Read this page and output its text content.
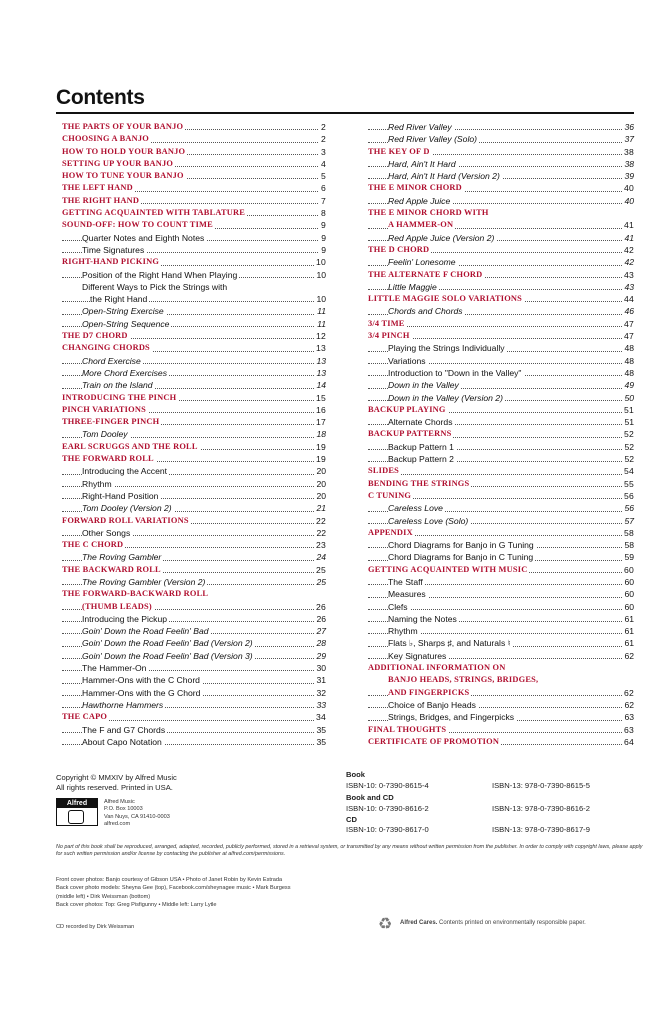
Contents
THE PARTS OF YOUR BANJO	2
CHOOSING A BANJO	2
HOW TO HOLD YOUR BANJO	3
SETTING UP YOUR BANJO	4
HOW TO TUNE YOUR BANJO	5
THE LEFT HAND	6
THE RIGHT HAND	7
GETTING ACQUAINTED WITH TABLATURE	8
SOUND-OFF: HOW TO COUNT TIME	9
Quarter Notes and Eighth Notes	9
Time Signatures	9
RIGHT-HAND PICKING	10
Position of the Right Hand When Playing	10
Different Ways to Pick the Strings with
the Right Hand	10
Open-String Exercise	11
Open-String Sequence	11
THE D7 CHORD	12
CHANGING CHORDS	13
Chord Exercise	13
More Chord Exercises	13
Train on the Island	14
INTRODUCING THE PINCH	15
PINCH VARIATIONS	16
THREE-FINGER PINCH	17
Tom Dooley	18
EARL SCRUGGS AND THE ROLL	19
THE FORWARD ROLL	19
Introducing the Accent	20
Rhythm	20
Right-Hand Position	20
Tom Dooley (Version 2)	21
FORWARD ROLL VARIATIONS	22
Other Songs	22
THE C CHORD	23
The Roving Gambler	24
THE BACKWARD ROLL	25
The Roving Gambler (Version 2)	25
THE FORWARD-BACKWARD ROLL
(THUMB LEADS)	26
Introducing the Pickup	26
Goin' Down the Road Feelin' Bad	27
Goin' Down the Road Feelin' Bad (Version 2)	28
Goin' Down the Road Feelin' Bad (Version 3)	29
The Hammer-On	30
Hammer-Ons with the C Chord	31
Hammer-Ons with the G Chord	32
Hawthorne Hammers	33
THE CAPO	34
The F and G7 Chords	35
About Capo Notation	35
Red River Valley	36
Red River Valley (Solo)	37
THE KEY OF D	38
Hard, Ain't It Hard	38
Hard, Ain't It Hard (Version 2)	39
THE E MINOR CHORD	40
Red Apple Juice	40
THE E MINOR CHORD WITH
A HAMMER-ON	41
Red Apple Juice (Version 2)	41
THE D CHORD	42
Feelin' Lonesome	42
THE ALTERNATE F CHORD	43
Little Maggie	43
LITTLE MAGGIE SOLO VARIATIONS	44
Chords and Chords	46
3/4 TIME	47
3/4 PINCH	47
Playing the Strings Individually	48
Variations	48
Introduction to "Down in the Valley"	48
Down in the Valley	49
Down in the Valley (Version 2)	50
BACKUP PLAYING	51
Alternate Chords	51
BACKUP PATTERNS	52
Backup Pattern 1	52
Backup Pattern 2	52
SLIDES	54
BENDING THE STRINGS	55
C TUNING	56
Careless Love	56
Careless Love (Solo)	57
APPENDIX	58
Chord Diagrams for Banjo in G Tuning	58
Chord Diagrams for Banjo in C Tuning	59
GETTING ACQUAINTED WITH MUSIC	60
The Staff	60
Measures	60
Clefs	60
Naming the Notes	61
Rhythm	61
Flats ♭, Sharps ♯, and Naturals ♮	61
Key Signatures	62
ADDITIONAL INFORMATION ON
BANJO HEADS, STRINGS, BRIDGES,
AND FINGERPICKS	62
Choice of Banjo Heads	62
Strings, Bridges, and Fingerpicks	63
FINAL THOUGHTS	63
CERTIFICATE OF PROMOTION	64
Copyright © MMXIV by Alfred Music
All rights reserved. Printed in USA.
Alfred	Alfred Music
P.O. Box 10003
Van Nuys, CA 91410-0003
alfred.com
Book
ISBN-10: 0-7390-8615-4	ISBN-13: 978-0-7390-8615-5
Book and CD
ISBN-10: 0-7390-8616-2	ISBN-13: 978-0-7390-8616-2
CD
ISBN-10: 0-7390-8617-0	ISBN-13: 978-0-7390-8617-9
No part of this book shall be reproduced, arranged, adapted, recorded, publicly performed, stored in a retrieval system, or transmitted by any means without written permission from the publisher. In order to comply with copyright laws, please apply for such written permission and/or license by contacting the publisher at alfred.com/permissions.
Front cover photos: Banjo courtesy of Gibson USA • Photo of Janet Robin by Kevin Estrada
Back cover photo models: Sheyna Gee (top), Facebook.com/sheynagee music • Mark Burgess
(middle left) • Dirk Weissman (bottom)
Back cover photos: Top: Greg Pisfigunny • Middle left: Larry Lytle
CD recorded by Dirk Weissman	♻ Alfred Cares. Contents printed on environmentally responsible paper.
